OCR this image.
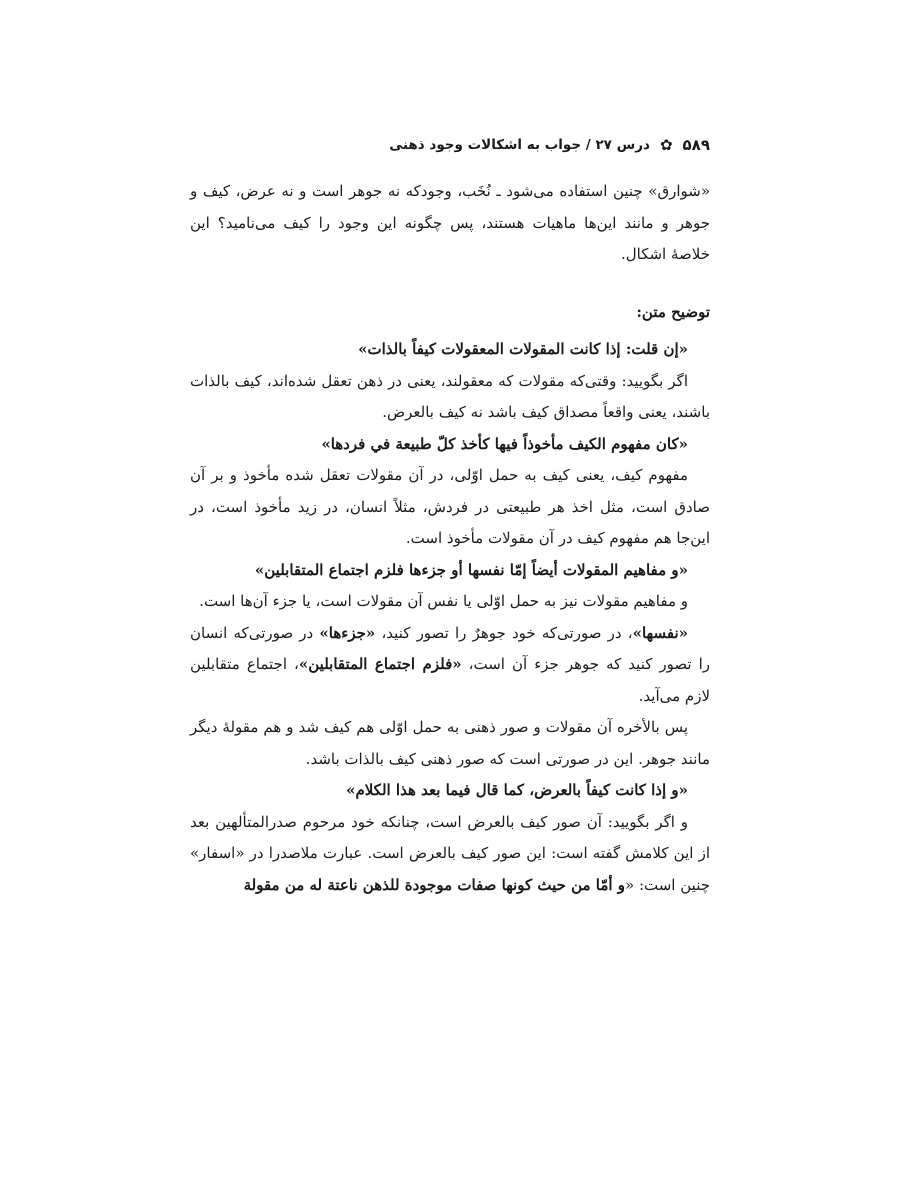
۵۸۹
✿
درس ۲۷ / جواب به اشکالات وجود ذهنی

«شوارق» چنین استفاده می‌شود ـ نُخَب، وجودکه نه جوهر است و نه عرض، کیف و جوهر و مانند این‌ها ماهیات هستند، پس چگونه این وجود را کیف می‌نامید؟ این خلاصهٔ اشکال.

توضیح متن:

«إن قلت: إذا كانت المقولات المعقولات كيفاً بالذات»

اگر بگویید: وقتی‌که مقولات که معقولند، یعنی در ذهن تعقل شده‌اند، کیف بالذات باشند، یعنی واقعاً مصداق کیف باشد نه کیف بالعرض.

«كان مفهوم الكيف مأخوذاً فيها كأخذ كلّ طبيعة في فردها»

مفهوم کیف، یعنی کیف به حمل اوّلی، در آن مقولات تعقل شده مأخوذ و بر آن صادق است، مثل اخذ هر طبیعتی در فردش، مثلاً انسان، در زید مأخوذ است، در این‌جا هم مفهوم کیف در آن مقولات مأخوذ است.

«و مفاهيم المقولات أيضاً إمّا نفسها أو جزءها فلزم اجتماع المتقابلين»

و مفاهیم مقولات نیز به حمل اوّلی یا نفس آن مقولات است، یا جزء آن‌ها است.

«نفسها»، در صورتی‌که خود جوهرٌ را تصور کنید، «جزءها» در صورتی‌که انسان را تصور کنید که جوهر جزء آن است، «فلزم اجتماع المتقابلين»، اجتماع متقابلین لازم می‌آید.

پس بالأخره آن مقولات و صور ذهنی به حمل اوّلی هم کیف شد و هم مقولهٔ دیگر مانند جوهر. این در صورتی است که صور ذهنی کیف بالذات باشد.

«و إذا كانت كيفاً بالعرض، كما قال فيما بعد هذا الكلام»

و اگر بگویید: آن صور کیف بالعرض است، چنانکه خود مرحوم صدرالمتألهین بعد از این کلامش گفته است: این صور کیف بالعرض است. عبارت ملاصدرا در «اسفار» چنین است: «و أمّا من حيث كونها صفات موجودة للذهن ناعتة له من مقولة
